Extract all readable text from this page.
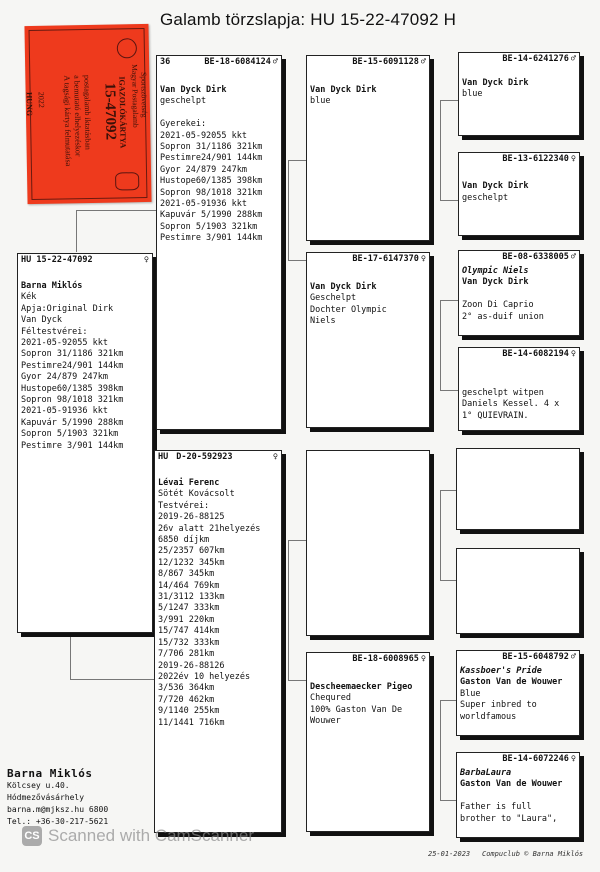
Galamb törzslapja: HU 15-22-47092 H
HUNG 2022 A tagsági kártya felmutatása a bemutató elhelyezéskor postagalamb iktatásban 15-47092
IGAZOLÓKÁRTYA Magyar Postagalamb Sportszövetség
HU 15-22-47092	♀
Barna Miklós
Kék
Apja:Original Dirk
Van Dyck
Féltestvérei:
2021-05-92055 kkt
Sopron 31/1186 321km
Pestimre24/901 144km
Gyor 24/879 247km
Hustope60/1385 398km
Sopron 98/1018 321km
2021-05-91936 kkt
Kapuvár 5/1990 288km
Sopron 5/1903 321km
Pestimre 3/901 144km
36	BE-18-6084124 ♂
Van Dyck Dirk
geschelpt

Gyerekei:
2021-05-92055 kkt
Sopron 31/1186 321km
Pestimre24/901 144km
Gyor 24/879 247km
Hustope60/1385 398km
Sopron 98/1018 321km
2021-05-91936 kkt
Kapuvár 5/1990 288km
Sopron 5/1903 321km
Pestimre 3/901 144km
HU D-20-592923	♀
Lévai Ferenc
Sötét Kovácsolt
Testvérei:
2019-26-88125
26v alatt 21helyezés
6850 díjkm
25/2357 607km
12/1232 345km
8/867 345km
14/464 769km
31/3112 133km
5/1247 333km
3/991 220km
15/747 414km
15/732 333km
7/706 281km
2019-26-88126
2022év 10 helyezés
3/536 364km
7/720 462km
9/1140 255km
11/1441 716km
BE-15-6091128 ♂
Van Dyck Dirk
blue
BE-17-6147370 ♀
Van Dyck Dirk
Geschelpt
Dochter Olympic
Niels
BE-18-6008965 ♀
Descheemaecker Pigeo
Chequred
100% Gaston Van De
Wouwer
BE-14-6241276 ♂
Van Dyck Dirk
blue
BE-13-6122340 ♀

Van Dyck Dirk
geschelpt
BE-08-6338005 ♂
Olympic Niels
Van Dyck Dirk

Zoon Di Caprio
2° as-duif union
BE-14-6082194 ♀

geschelpt witpen
Daniels Kessel. 4 x
1° QUIEVRAIN.
BE-15-6048792 ♂
Kassboer's Pride
Gaston Van de Wouwer
Blue
Super inbred to
worldfamous
BE-14-6072246 ♀
BarbaLaura
Gaston Van de Wouwer

Father is full
brother to "Laura",
Barna Miklós
Kölcsey u.40.
Hódmezővásárhely
barna.m@mjksz.hu 6800
Tel.: +36-30-217-5621
25-01-2023 Compuclub © Barna Miklós
CS Scanned with CamScanner
